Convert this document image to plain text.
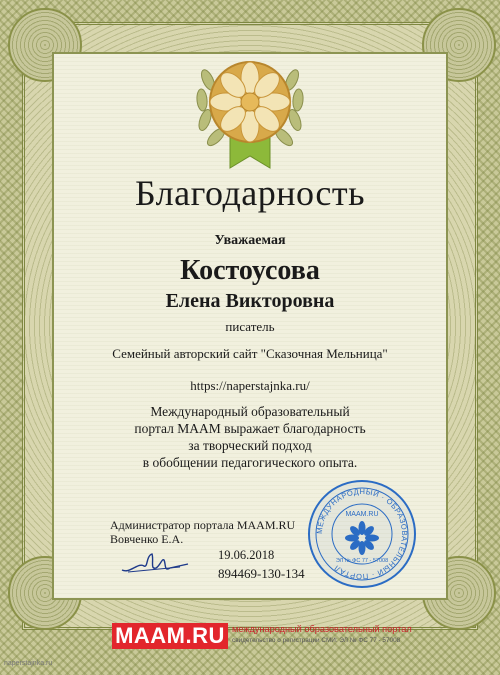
Благодарность
Уважаемая
Костоусова
Елена Викторовна
писатель
Семейный авторский сайт "Сказочная Мельница"
https://naperstajnka.ru/
Международный образовательный
портал МААМ выражает благодарность
за творческий подход
в обобщении педагогического опыта.
Администратор портала MAAM.RU
Вовченко Е.А.
19.06.2018
894469-130-134
МЕЖДУНАРОДНЫЙ · ОБРАЗОВАТЕЛЬНЫЙ · ПОРТАЛ
MAAM.RU
ЭЛ № ФС 77 - 57008
MAAM.RU международный образовательный портал
свидетельство о регистрации СМИ: ЭЛ № ФС 77 - 57008
naperstajnka.ru
